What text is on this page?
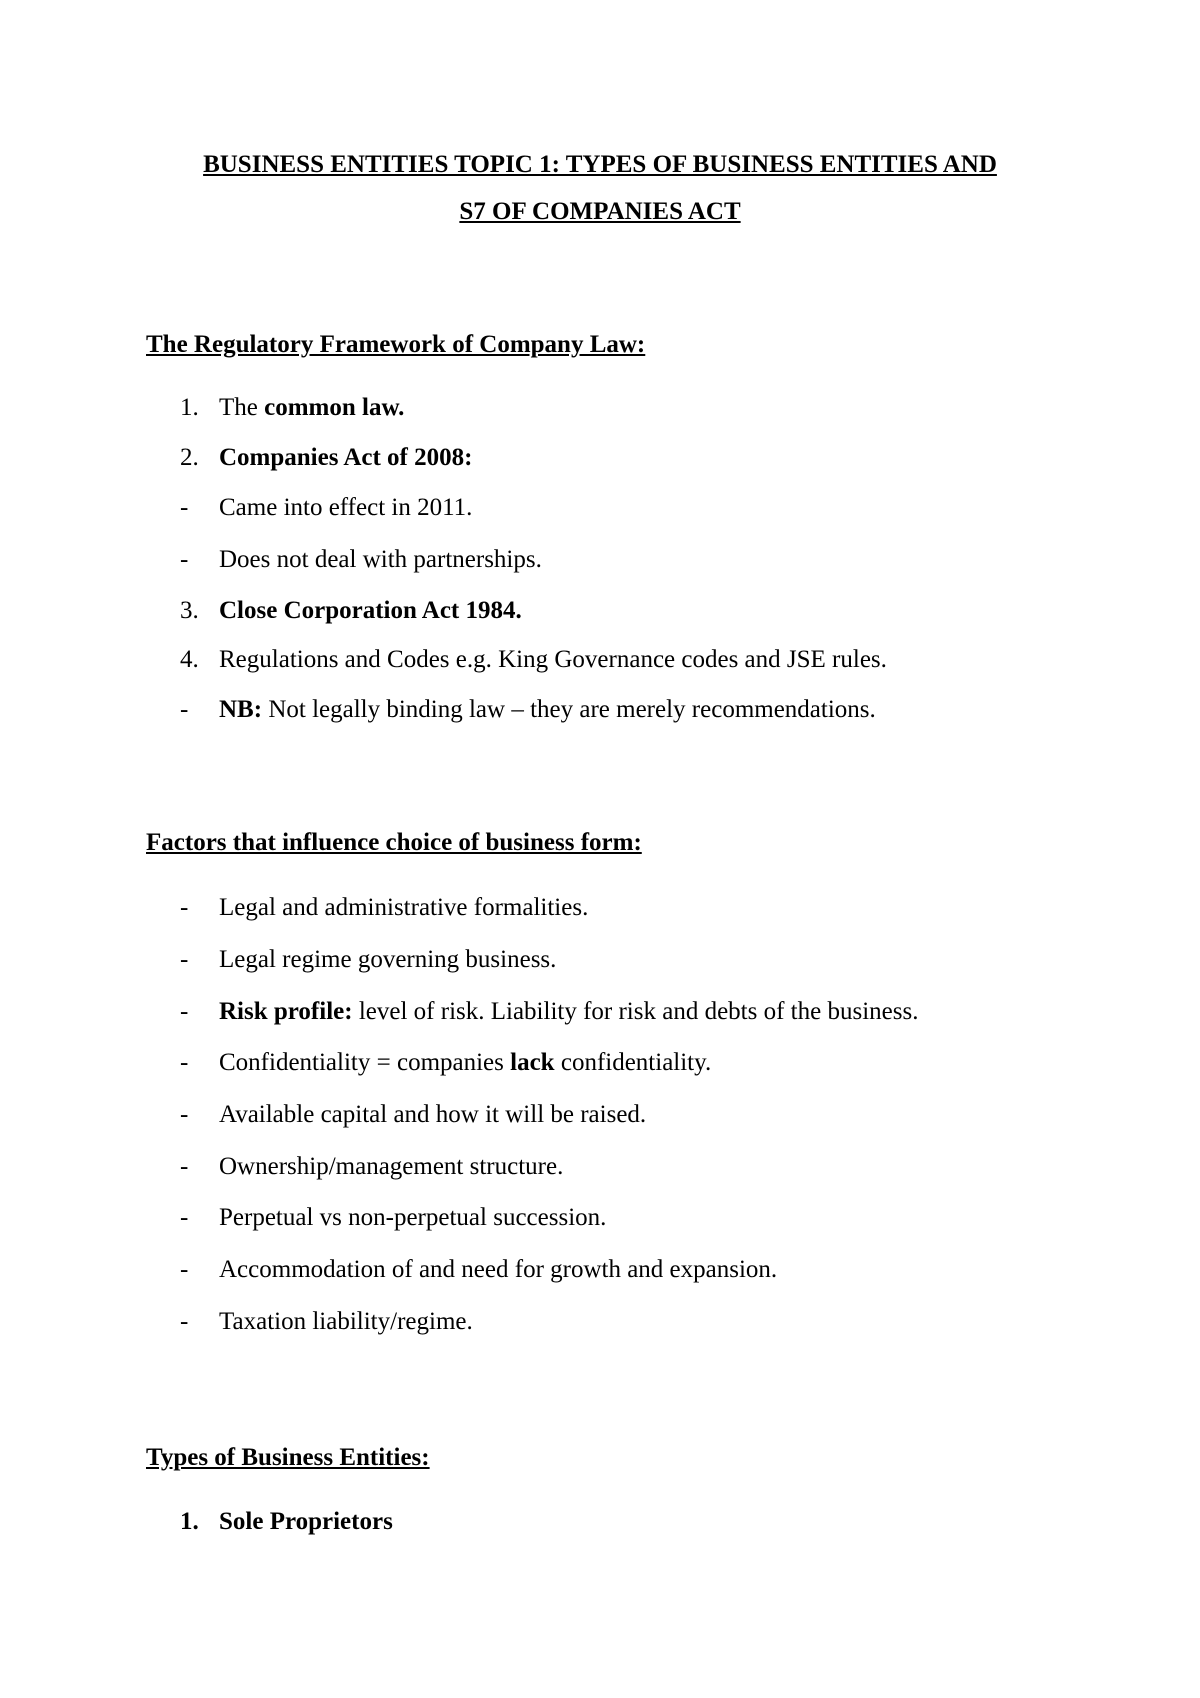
BUSINESS ENTITIES TOPIC 1: TYPES OF BUSINESS ENTITIES AND
S7 OF COMPANIES ACT
The Regulatory Framework of Company Law:
1. The common law.
2. Companies Act of 2008:
- Came into effect in 2011.
- Does not deal with partnerships.
3. Close Corporation Act 1984.
4. Regulations and Codes e.g. King Governance codes and JSE rules.
- NB: Not legally binding law – they are merely recommendations.
Factors that influence choice of business form:
- Legal and administrative formalities.
- Legal regime governing business.
- Risk profile: level of risk. Liability for risk and debts of the business.
- Confidentiality = companies lack confidentiality.
- Available capital and how it will be raised.
- Ownership/management structure.
- Perpetual vs non-perpetual succession.
- Accommodation of and need for growth and expansion.
- Taxation liability/regime.
Types of Business Entities:
1. Sole Proprietors
